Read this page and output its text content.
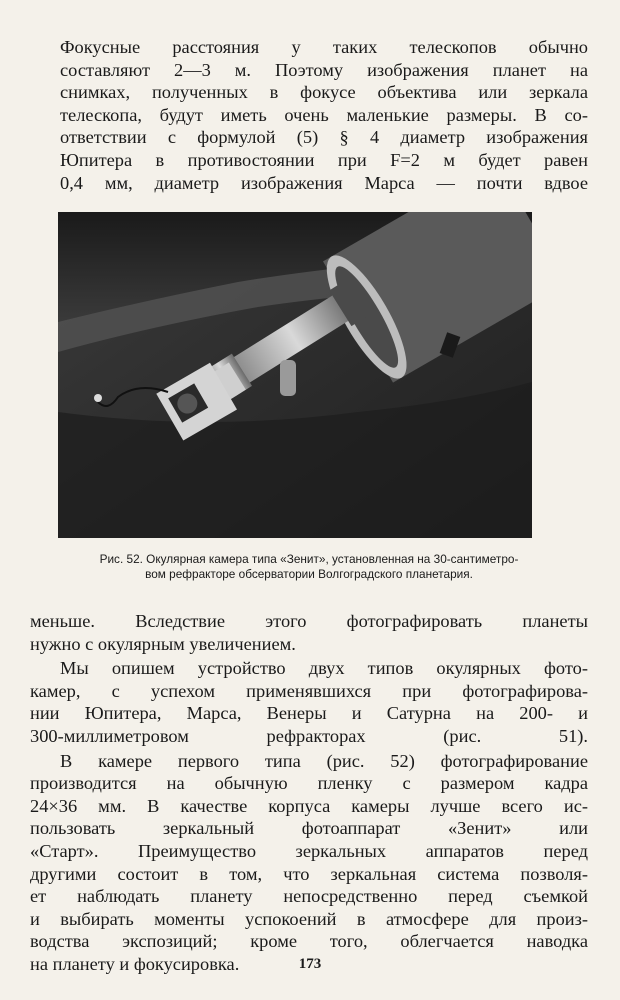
Фокусные расстояния у таких телескопов обычно
составляют 2—3 м. Поэтому изображения планет на
снимках, полученных в фокусе объектива или зеркала
телескопа, будут иметь очень маленькие размеры. В со-
ответствии с формулой (5) § 4 диаметр изображения
Юпитера в противостоянии при F=2 м будет равен
0,4 мм, диаметр изображения Марса — почти вдвое

Рис. 52. Окулярная камера типа «Зенит», установленная на 30-сантиметро-
вом рефракторе обсерватории Волгоградского планетария.

меньше. Вследствие этого фотографировать планеты
нужно с окулярным увеличением.

Мы опишем устройство двух типов окулярных фото-
камер, с успехом применявшихся при фотографирова-
нии Юпитера, Марса, Венеры и Сатурна на 200- и
300-миллиметровом рефракторах (рис. 51).

В камере первого типа (рис. 52) фотографирование
производится на обычную пленку с размером кадра
24×36 мм. В качестве корпуса камеры лучше всего ис-
пользовать зеркальный фотоаппарат «Зенит» или
«Старт». Преимущество зеркальных аппаратов перед
другими состоит в том, что зеркальная система позволя-
ет наблюдать планету непосредственно перед съемкой
и выбирать моменты успокоений в атмосфере для произ-
водства экспозиций; кроме того, облегчается наводка
на планету и фокусировка.	173
